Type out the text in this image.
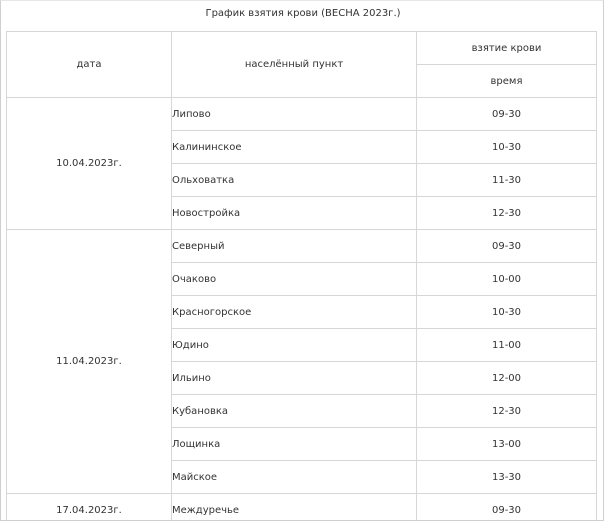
График взятия крови (ВЕСНА 2023г.)
дата	населённый пункт	взятие крови
		время
10.04.2023г.	Липово	09-30
	Калининское	10-30
	Ольховатка	11-30
	Новостройка	12-30
11.04.2023г.	Северный	09-30
	Очаково	10-00
	Красногорское	10-30
	Юдино	11-00
	Ильино	12-00
	Кубановка	12-30
	Лощинка	13-00
	Майское	13-30
17.04.2023г.	Междуречье	09-30
